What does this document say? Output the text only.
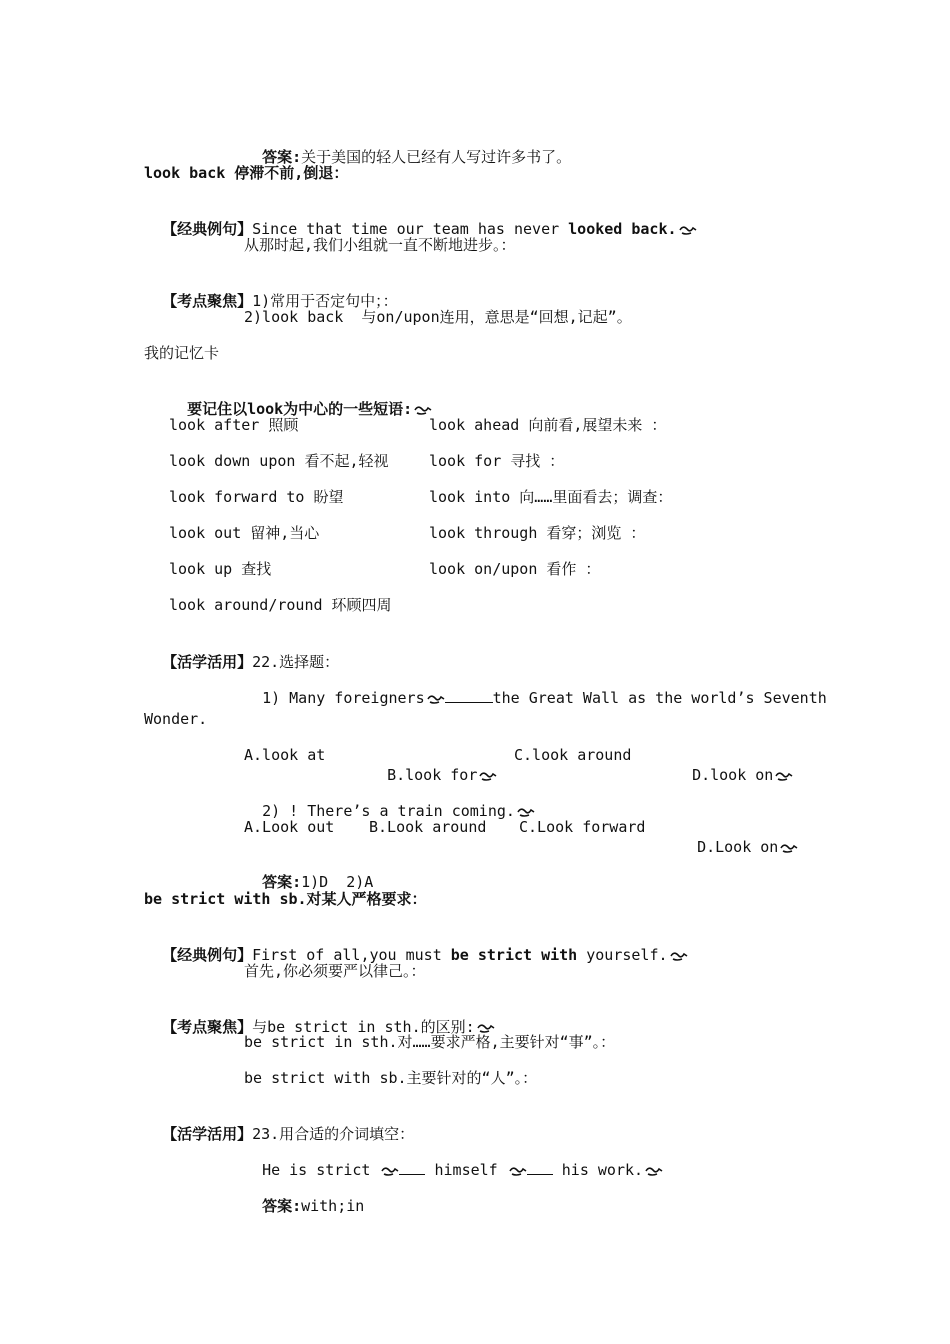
答案:关于美国的轻人已经有人写过许多书了。

look back 停滞不前,倒退：

【经典例句】Since that time our team has never looked back.

从那时起,我们小组就一直不断地进步。：

【考点聚焦】1)常用于否定句中；：

2)look back  与on/upon连用，意思是“回想,记起”。
我的记忆卡

要记住以look为中心的一些短语:

look after 照顾
look down upon 看不起,轻视
look forward to 盼望
look out 留神,当心
look up 查找
look around/round 环顾四周
look ahead 向前看,展望未来 ：
look for 寻找 ：
look into 向……里面看去；调查：
look through 看穿；浏览 ：
look on/upon 看作 ：

【活学活用】22.选择题：

1) Many foreigners	the Great Wall as the world’s Seventh

Wonder.
A.look at

B.look for

C.look around

D.look on

2) ! There’s a train coming.

A.Look out B.Look around C.Look forward

D.Look on

答案:1)D  2)A

be strict with sb.对某人严格要求：

【经典例句】First of all,you must be strict with yourself.

首先,你必须要严以律己。：

【考点聚焦】与be strict in sth.的区别:

be strict in sth.对……要求严格,主要针对“事”。：
be strict with sb.主要针对的“人”。：

【活学活用】23.用合适的介词填空：

He is strict	himself	his work.

答案:with;in
